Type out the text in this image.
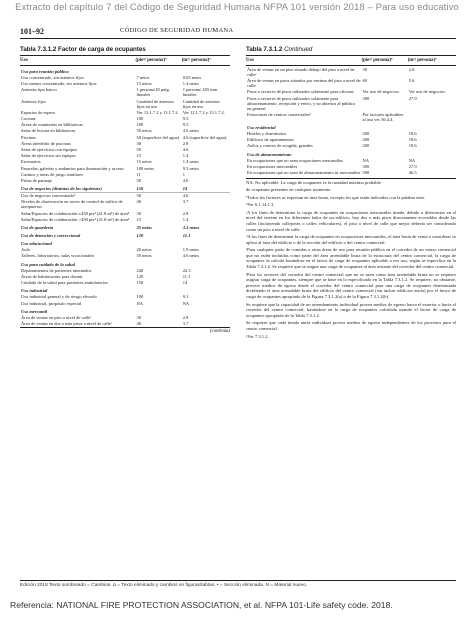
Extracto del capítulo 7 del Código de Seguridad Humana NFPA 101 versión 2018 – Para uso educativo
101–92	CÓDIGO DE SEGURIDAD HUMANA

Tabla 7.3.1.2 Factor de carga de ocupantes
Uso	(pie²/ persona)ª	(m²/ persona)ª
Uso para reunión pública		
Uso concentrado, sin asientos fijos	7 netos	0.65 netos
Uso menos concentrado, sin asientos fijos	15 netos	1.4 netos
Asientos tipo banco	1 persona/18 pulg. lineales	1 persona/ 455 mm lineales
Asientos fijos	Cantidad de asientos fijos en uso	Cantidad de asientos fijos en uso
Espacios de espera	Ver 12.1.7.2 y 13.1.7.2.	Ver 12.1.7.2 y 13.1.7.2.
Cocinas	100	9.3
Áreas de estanterías en bibliotecas	100	9.3
Salas de lectura en bibliotecas	50 netos	4.6 netos
Piscinas	50 (superficie del agua)	4.6 (superficie del agua)
Áreas alrededor de piscinas	30	2.8
Salas de ejercicios con equipos	50	4.6
Salas de ejercicios sin equipos	15	1.4
Escenarios	15 netos	1.4 netos
Pasarelas, galerías y andamios para iluminación y acceso	100 netos	9.3 netos
Casinos y áreas de juego similares	11	1
Pistas de patinaje	50	4.6
Uso de negocios (distintos de los siguientes)	150	14
Uso de negocios concentradoᵇ	50	4.6
Niveles de observación en torres de control de tráfico de aeropuertos	40	3.7
Salas/Espacios de colaboración ≤450 pie² (41.8 m²) de área²	30	2.8
Salas/Espacios de colaboración >450 pie² (41.8 m²) de área²	15	1.4
Uso de guardería	35 netos	3.3 netos
Uso de detención y correccional	120	11.1
Uso educacional		
Aula	20 netos	1.9 netos
Talleres, laboratorios, salas vocacionales	50 netos	4.6 netos
Uso para cuidado de la salud		
Departamentos de pacientes internados	240	22.3
Áreas de habitaciones para dormir	120	11.1
Cuidado de la salud para pacientes ambulatorios	150	14
Uso industrial		
Uso industrial general y de riesgo elevado	100	9.3
Uso industrial, propósito especial	NA	NA
Uso mercantil		
Área de ventas en piso a nivel de calleᶜ	30	2.8
Área de ventas en dos o más pisos a nivel de calleᶜ	40	3.7
(continúa)
Tabla 7.3.1.2 Continued
Uso	(pie²/ persona)ª	(m²/ persona)ª
Área de ventas en un piso situado debajo del piso a nivel de calleᶜ	30	2.8
Área de ventas en pisos situados por encima del piso a nivel de calleᶜ	60	5.6
Pisos o sectores de pisos utilizados solamente para oficinas	Ver uso de negocios.	Ver uso de negocios.
Pisos o sectores de pisos utilizados solamente para almacenamiento, recepción y envío, y no abiertos al público en general	300	27.9
Estructuras de centros comercialesᵈ	Por factores aplicables al uso ver 36.4.4.	
Uso residencial		
Hoteles y dormitorios	200	18.6
Edificios de apartamentos	200	18.6
Asilos y centros de acogida, grandes	200	18.6
Uso de almacenamiento		
En ocupaciones que no sean ocupaciones mercantiles	NA	NA
En ocupaciones mercantiles	300	27.9
En ocupaciones que no sean de almacenamiento ni mercantiles	500	46.5
NA: No aplicable. La carga de ocupantes es la cantidad máxima probable
de ocupantes presentes en cualquier momento.
ªTodos los factores se expresan en área bruta, excepto los que están indicados con la palabra neto.
ᵇVer 6.1.14.1.3.
ᶜA los fines de determinar la carga de ocupantes en ocupaciones mercantiles donde, debido a diferencias en el nivel del terreno en los diferentes lados de un edificio, hay dos o más pisos directamente accesibles desde las calles (incluyendo callejones o calles vehiculares), el piso a nivel de calle que mejor debería ser considerado como un piso a nivel de calle.
ᵈA los fines de determinar la carga de ocupantes en ocupaciones mercantiles, el área bruta de venta a considerar se aplica al área del edificio o de la sección del edificio o del centro comercial.
ᵉPara cualquier patio de comidas o otras áreas de uso para reunión pública en el corredor de un centro comercial que no estén incluidas como parte del área arrendable bruta de la estructura del centro comercial, la carga de ocupantes se calcula basándose en el factor de carga de ocupantes aplicable a ese uso, según se especifica en la Tabla 7.3.1.2. Se requiere que se asigne una carga de ocupantes al área restante del corredor del centro comercial.
ᶠPara los sectores del corredor del centro comercial que no se usen como área arrendable bruta no se requiere asignar carga de ocupantes, siempre que se base en lo especificado en la Tabla 7.3.1.2. Se requiere, no obstante, proveer medios de egreso desde el corredor del centro comercial para una carga de ocupantes determinada dividiendo el área arrendable bruta del edificio del centro comercial (sin incluir edificios ancla) por el factor de carga de ocupantes apropiado de la Figura 7.3.1.2(a) o de la Figura 7.3.1.2(b).
Se requiere que la capacidad de un arrendamiento individual provea medios de egreso hacia el exterior o hacia el corredor del centro comercial, basándose en la carga de ocupantes calculada usando el factor de carga de ocupantes apropiado de la Tabla 7.3.1.2.
Se requiere que cada tienda ancla individual provea medios de egreso independientes de los provistos para el centro comercial.
ᵍVer 7.3.1.2.
Edición 2018 Texto sombreado = Cambios. Δ = Texto eliminado y cambios en figuras/tablas. • = Sección eliminada. N = Material nuevo.
Referencia: NATIONAL FIRE PROTECTION ASSOCIATION, et al. NFPA 101-Life safety code. 2018.
